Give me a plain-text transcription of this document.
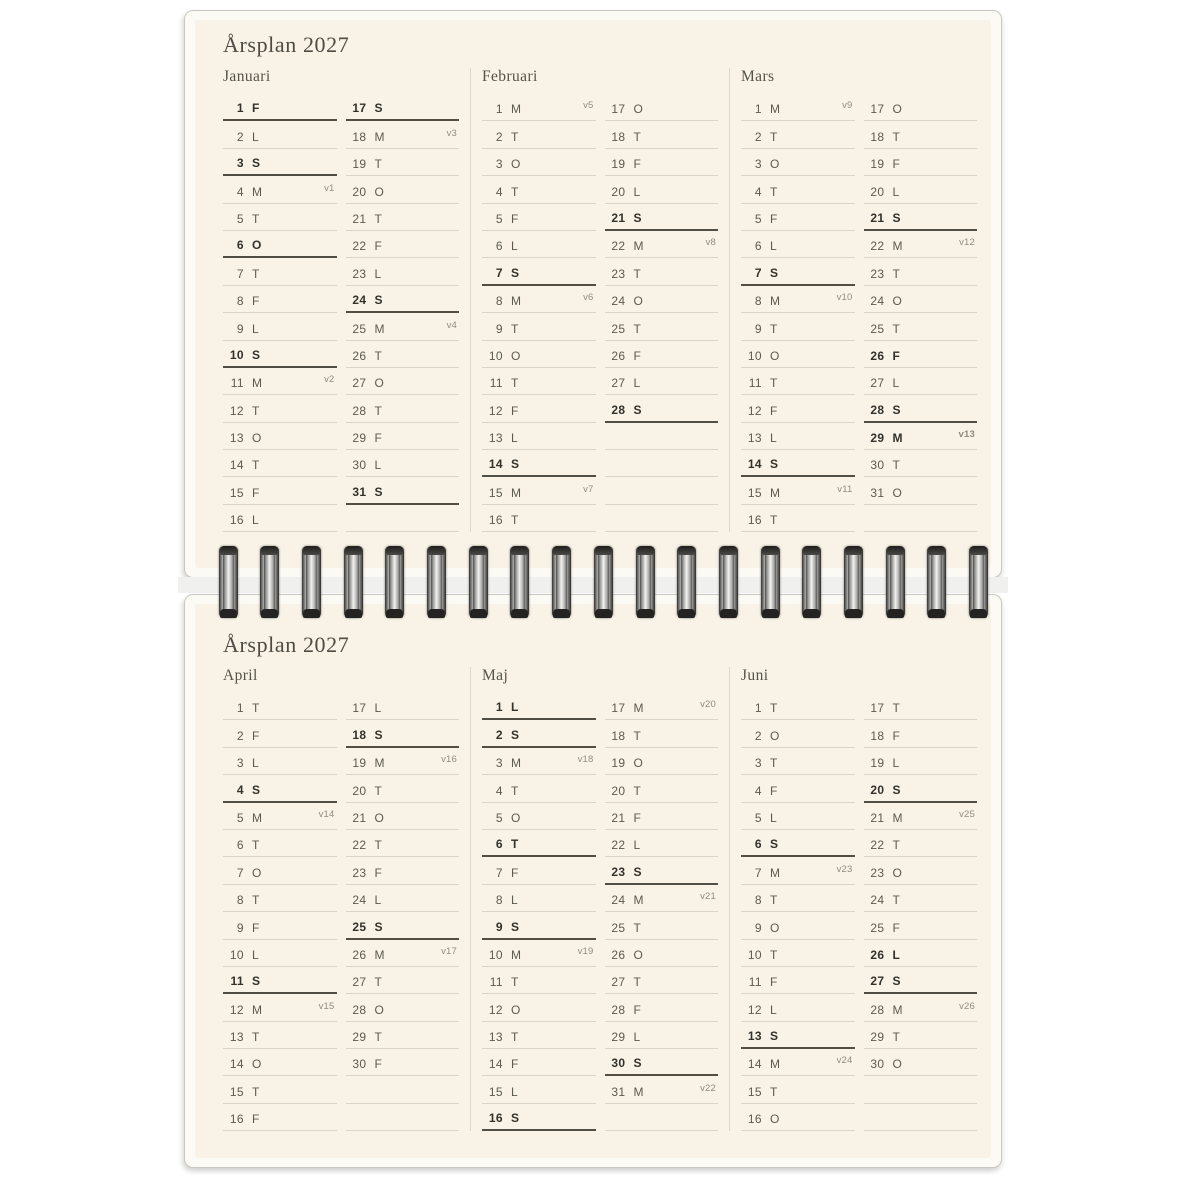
Årsplan 2027
Januari
1 F
2 L
3 S
4 M	v1
5 T
6 O
7 T
8 F
9 L
10 S
11 M	v2
12 T
13 O
14 T
15 F
16 L
17 S
18 M	v3
19 T
20 O
21 T
22 F
23 L
24 S
25 M	v4
26 T
27 O
28 T
29 F
30 L
31 S
Februari
1 M	v5
2 T
3 O
4 T
5 F
6 L
7 S
8 M	v6
9 T
10 O
11 T
12 F
13 L
14 S
15 M	v7
16 T
17 O
18 T
19 F
20 L
21 S
22 M	v8
23 T
24 O
25 T
26 F
27 L
28 S
Mars
1 M	v9
2 T
3 O
4 T
5 F
6 L
7 S
8 M	v10
9 T
10 O
11 T
12 F
13 L
14 S
15 M	v11
16 T
17 O
18 T
19 F
20 L
21 S
22 M	v12
23 T
24 O
25 T
26 F
27 L
28 S
29 M	v13
30 T
31 O
Årsplan 2027
April
1 T
2 F
3 L
4 S
5 M	v14
6 T
7 O
8 T
9 F
10 L
11 S
12 M	v15
13 T
14 O
15 T
16 F
17 L
18 S
19 M	v16
20 T
21 O
22 T
23 F
24 L
25 S
26 M	v17
27 T
28 O
29 T
30 F
Maj
1 L
2 S
3 M	v18
4 T
5 O
6 T
7 F
8 L
9 S
10 M	v19
11 T
12 O
13 T
14 F
15 L
16 S
17 M	v20
18 T
19 O
20 T
21 F
22 L
23 S
24 M	v21
25 T
26 O
27 T
28 F
29 L
30 S
31 M	v22
Juni
1 T
2 O
3 T
4 F
5 L
6 S
7 M	v23
8 T
9 O
10 T
11 F
12 L
13 S
14 M	v24
15 T
16 O
17 T
18 F
19 L
20 S
21 M	v25
22 T
23 O
24 T
25 F
26 L
27 S
28 M	v26
29 T
30 O
